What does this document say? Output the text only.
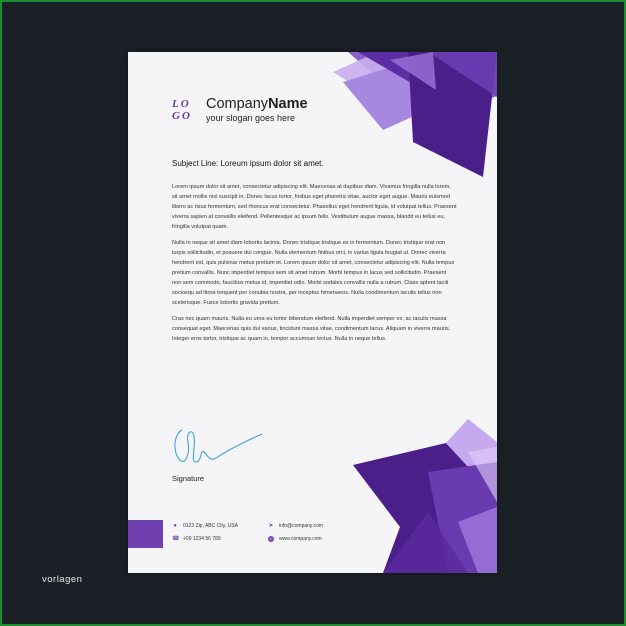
LO GO
CompanyName
your slogan goes here
Subject Line: Loreum ipsum dolor sit amet.

Lorem ipsum dolor sit amet, consectetur adipiscing elit. Maecenas at dapibus diam. Vivamus fringilla nulla lorem, sit amet mollis nisi suscipit in. Donec lacus tortor, finibus eget pharetra vitae, auctor eget augue. Mauris euismod libero ac risus fermentum, sed rhoncus erat consectetur. Phasellus eget hendrerit ligula, id volutpat tellus. Praesent viverra sapien at convallis eleifend. Pellentesque ac ipsum felis. Vestibulum augue massa, blandit eu tellus eu, fringilla volutpat quam.

Nulla in neque sit amet diam lobortis lacinia. Donec tristique tristique ex in fermentum. Donec tristique erat non turpis sollicitudin, et posuere dui congue. Nulla elementum finibus orci, in varius ligula feugiat ut. Donec viverra hendrerit est, quis pulvinar metus pretium et. Lorem ipsum dolor sit amet, consectetur adipiscing elit. Nulla tempus pretium convallis. Nunc imperdiet tempus sem sit amet rutrum. Morbi tempus in lacus sed sollicitudin. Praesent non sem commodo, faucibus metus id, imperdiet odio. Morbi sodales convallis nulla a rutrum. Class aptent taciti sociosqu ad litora torquent per conubia nostra, per inceptos himenaeos. Nulla condimentum iaculis tellus non scelerisque. Fusce lobortis gravida pretium.

Cras nec quam mauris. Nulla eu urna eu tortor bibendum eleifend. Nulla imperdiet semper ex, ac iaculis massa consequat eget. Maecenas quis dui varius, tincidunt massa vitae, condimentum lacus. Aliquam in viverra mauris. Integer eros tortor, tristique ac quam in, tempor accumsan lectus. Nulla in neque tellus.

Signature
● 0123 Zip, ABC City, USA
☎ +00 1234 56 789
➤ info@company.com
•	www.company.com
vorlagen
